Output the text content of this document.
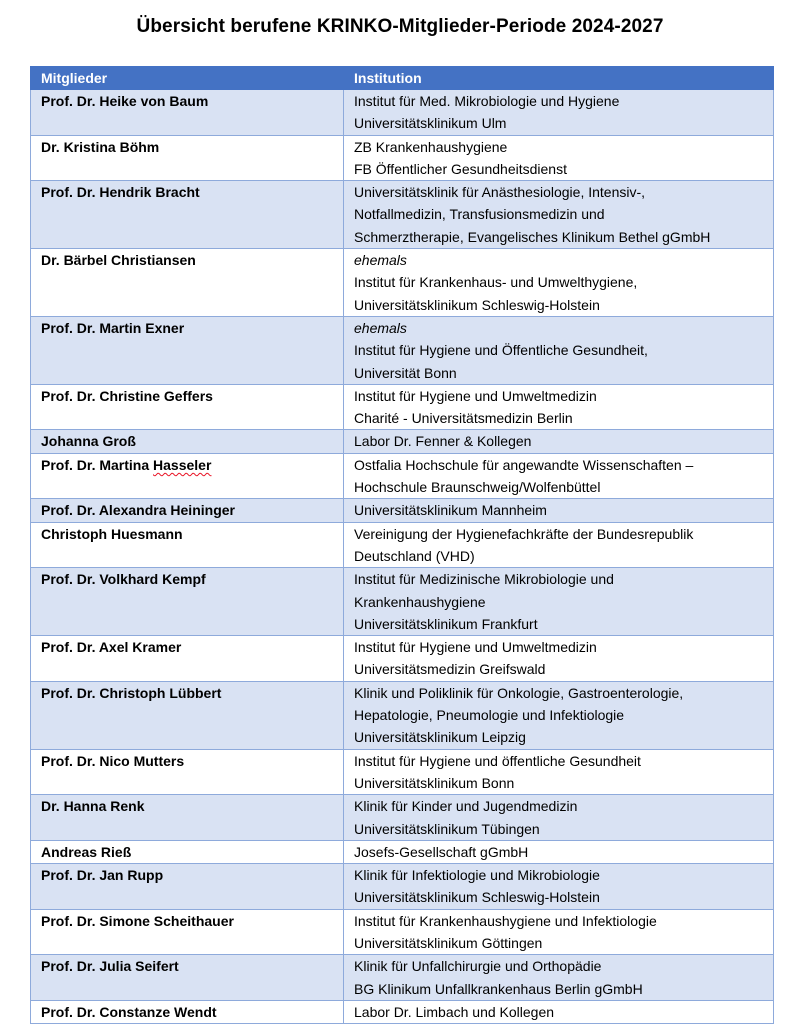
Übersicht berufene KRINKO-Mitglieder-Periode 2024-2027
Mitglieder	Institution
Prof. Dr. Heike von Baum	Institut für Med. Mikrobiologie und Hygiene
Universitätsklinikum Ulm

Dr. Kristina Böhm	ZB Krankenhaushygiene
FB Öffentlicher Gesundheitsdienst

Prof. Dr. Hendrik Bracht	Universitätsklinik für Anästhesiologie, Intensiv-,
Notfallmedizin, Transfusionsmedizin und
Schmerztherapie, Evangelisches Klinikum Bethel gGmbH

Dr. Bärbel Christiansen	ehemals
Institut für Krankenhaus- und Umwelthygiene,
Universitätsklinikum Schleswig-Holstein

Prof. Dr. Martin Exner	ehemals
Institut für Hygiene und Öffentliche Gesundheit,
Universität Bonn

Prof. Dr. Christine Geffers	Institut für Hygiene und Umweltmedizin
Charité - Universitätsmedizin Berlin

Johanna Groß	Labor Dr. Fenner & Kollegen

Prof. Dr. Martina Hasseler	Ostfalia Hochschule für angewandte Wissenschaften –
Hochschule Braunschweig/Wolfenbüttel

Prof. Dr. Alexandra Heininger	Universitätsklinikum Mannheim

Christoph Huesmann	Vereinigung der Hygienefachkräfte der Bundesrepublik
Deutschland (VHD)

Prof. Dr. Volkhard Kempf	Institut für Medizinische Mikrobiologie und
Krankenhaushygiene
Universitätsklinikum Frankfurt

Prof. Dr. Axel Kramer	Institut für Hygiene und Umweltmedizin
Universitätsmedizin Greifswald

Prof. Dr. Christoph Lübbert	Klinik und Poliklinik für Onkologie, Gastroenterologie,
Hepatologie, Pneumologie und Infektiologie
Universitätsklinikum Leipzig

Prof. Dr. Nico Mutters	Institut für Hygiene und öffentliche Gesundheit
Universitätsklinikum Bonn

Dr. Hanna Renk	Klinik für Kinder und Jugendmedizin
Universitätsklinikum Tübingen

Andreas Rieß	Josefs-Gesellschaft gGmbH

Prof. Dr. Jan Rupp	Klinik für Infektiologie und Mikrobiologie
Universitätsklinikum Schleswig-Holstein

Prof. Dr. Simone Scheithauer	Institut für Krankenhaushygiene und Infektiologie
Universitätsklinikum Göttingen

Prof. Dr. Julia Seifert	Klinik für Unfallchirurgie und Orthopädie
BG Klinikum Unfallkrankenhaus Berlin gGmbH

Prof. Dr. Constanze Wendt	Labor Dr. Limbach und Kollegen
